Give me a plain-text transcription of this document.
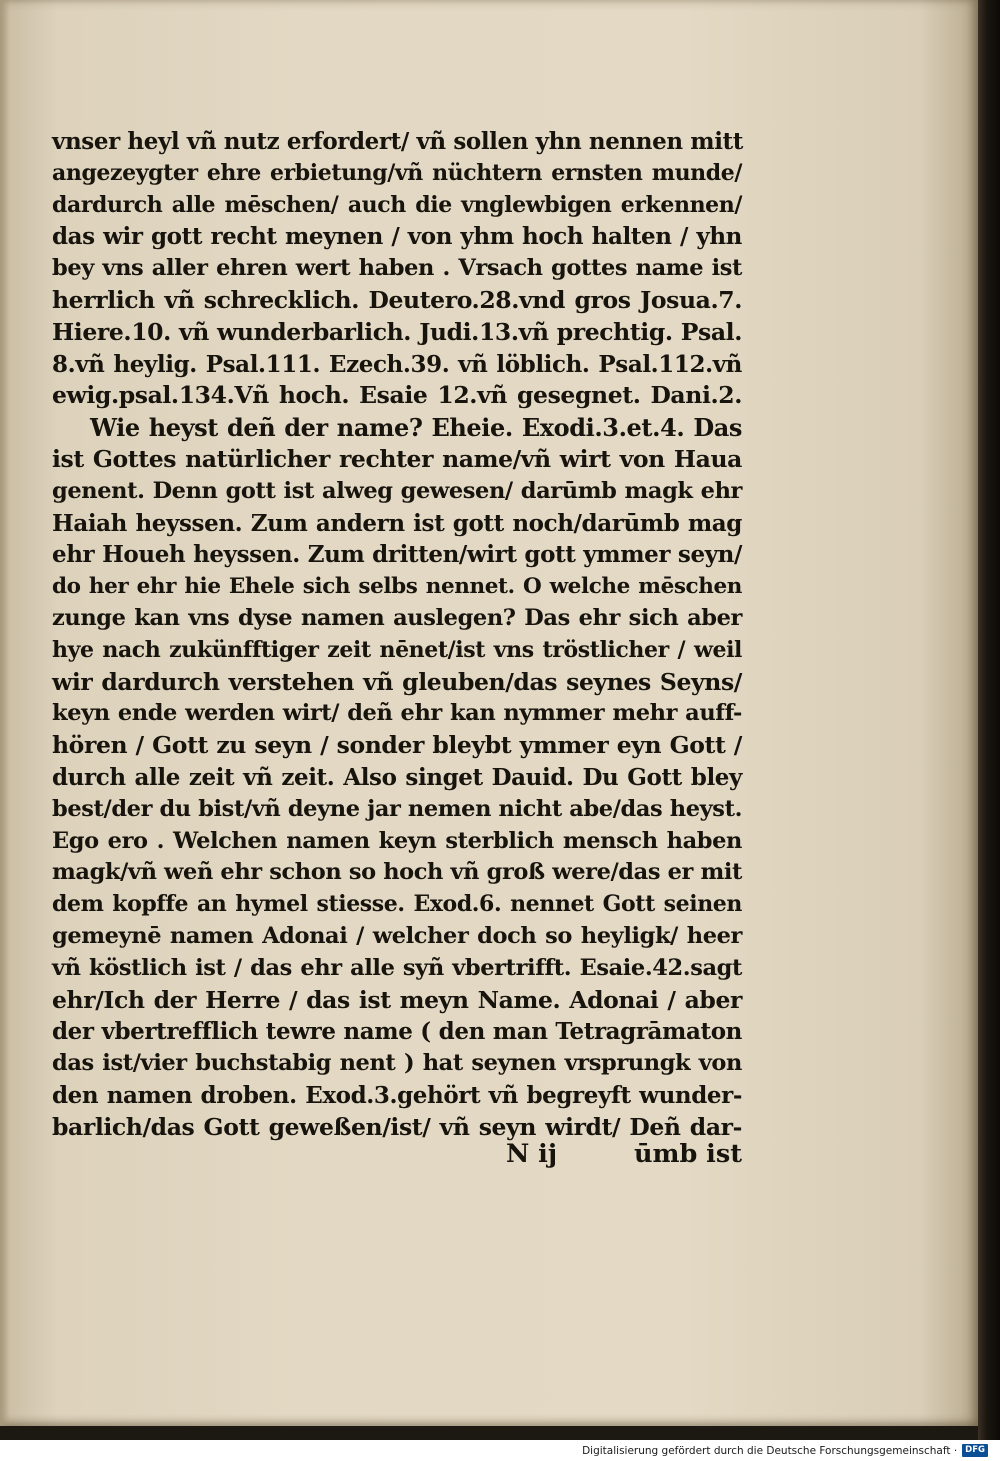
vnser heyl vñ nutz erfordert/ vñ sollen yhn nennen mitt
angezeygter ehre erbietung/vñ nüchtern ernsten munde/
dardurch alle mēschen/ auch die vnglewbigen erkennen/
das wir gott recht meynen / von yhm hoch halten / yhn
bey vns aller ehren wert haben . Vrsach gottes name ist
herrlich vñ schrecklich. Deutero.28.vnd gros Josua.7.
Hiere.10. vñ wunderbarlich. Judi.13.vñ prechtig. Psal.
8.vñ heylig. Psal.111. Ezech.39. vñ löblich. Psal.112.vñ
ewig.psal.134.Vñ hoch. Esaie 12.vñ gesegnet. Dani.2.
Wie heyst deñ der name? Eheie. Exodi.3.et.4. Das
ist Gottes natürlicher rechter name/vñ wirt von Haua
genent. Denn gott ist alweg gewesen/ darūmb magk ehr
Haiah heyssen. Zum andern ist gott noch/darūmb mag
ehr Houeh heyssen. Zum dritten/wirt gott ymmer seyn/
do her ehr hie Ehele sich selbs nennet. O welche mēschen
zunge kan vns dyse namen auslegen? Das ehr sich aber
hye nach zukünfftiger zeit nēnet/ist vns tröstlicher / weil
wir dardurch verstehen vñ gleuben/das seynes Seyns/
keyn ende werden wirt/ deñ ehr kan nymmer mehr auff-
hören / Gott zu seyn / sonder bleybt ymmer eyn Gott /
durch alle zeit vñ zeit. Also singet Dauid. Du Gott bley
best/der du bist/vñ deyne jar nemen nicht abe/das heyst.
Ego ero . Welchen namen keyn sterblich mensch haben
magk/vñ weñ ehr schon so hoch vñ groß were/das er mit
dem kopffe an hymel stiesse. Exod.6. nennet Gott seinen
gemeynē namen Adonai / welcher doch so heyligk/ heer
vñ köstlich ist / das ehr alle syñ vbertrifft. Esaie.42.sagt
ehr/Ich der Herre / das ist meyn Name. Adonai / aber
der vbertrefflich tewre name ( den man Tetragrāmaton
das ist/vier buchstabig nent ) hat seynen vrsprungk von
den namen droben. Exod.3.gehört vñ begreyft wunder-
barlich/das Gott geweßen/ist/ vñ seyn wirdt/ Deñ dar-
N ij	ūmb ist
Digitalisierung gefördert durch die Deutsche Forschungsgemeinschaft · DFG
